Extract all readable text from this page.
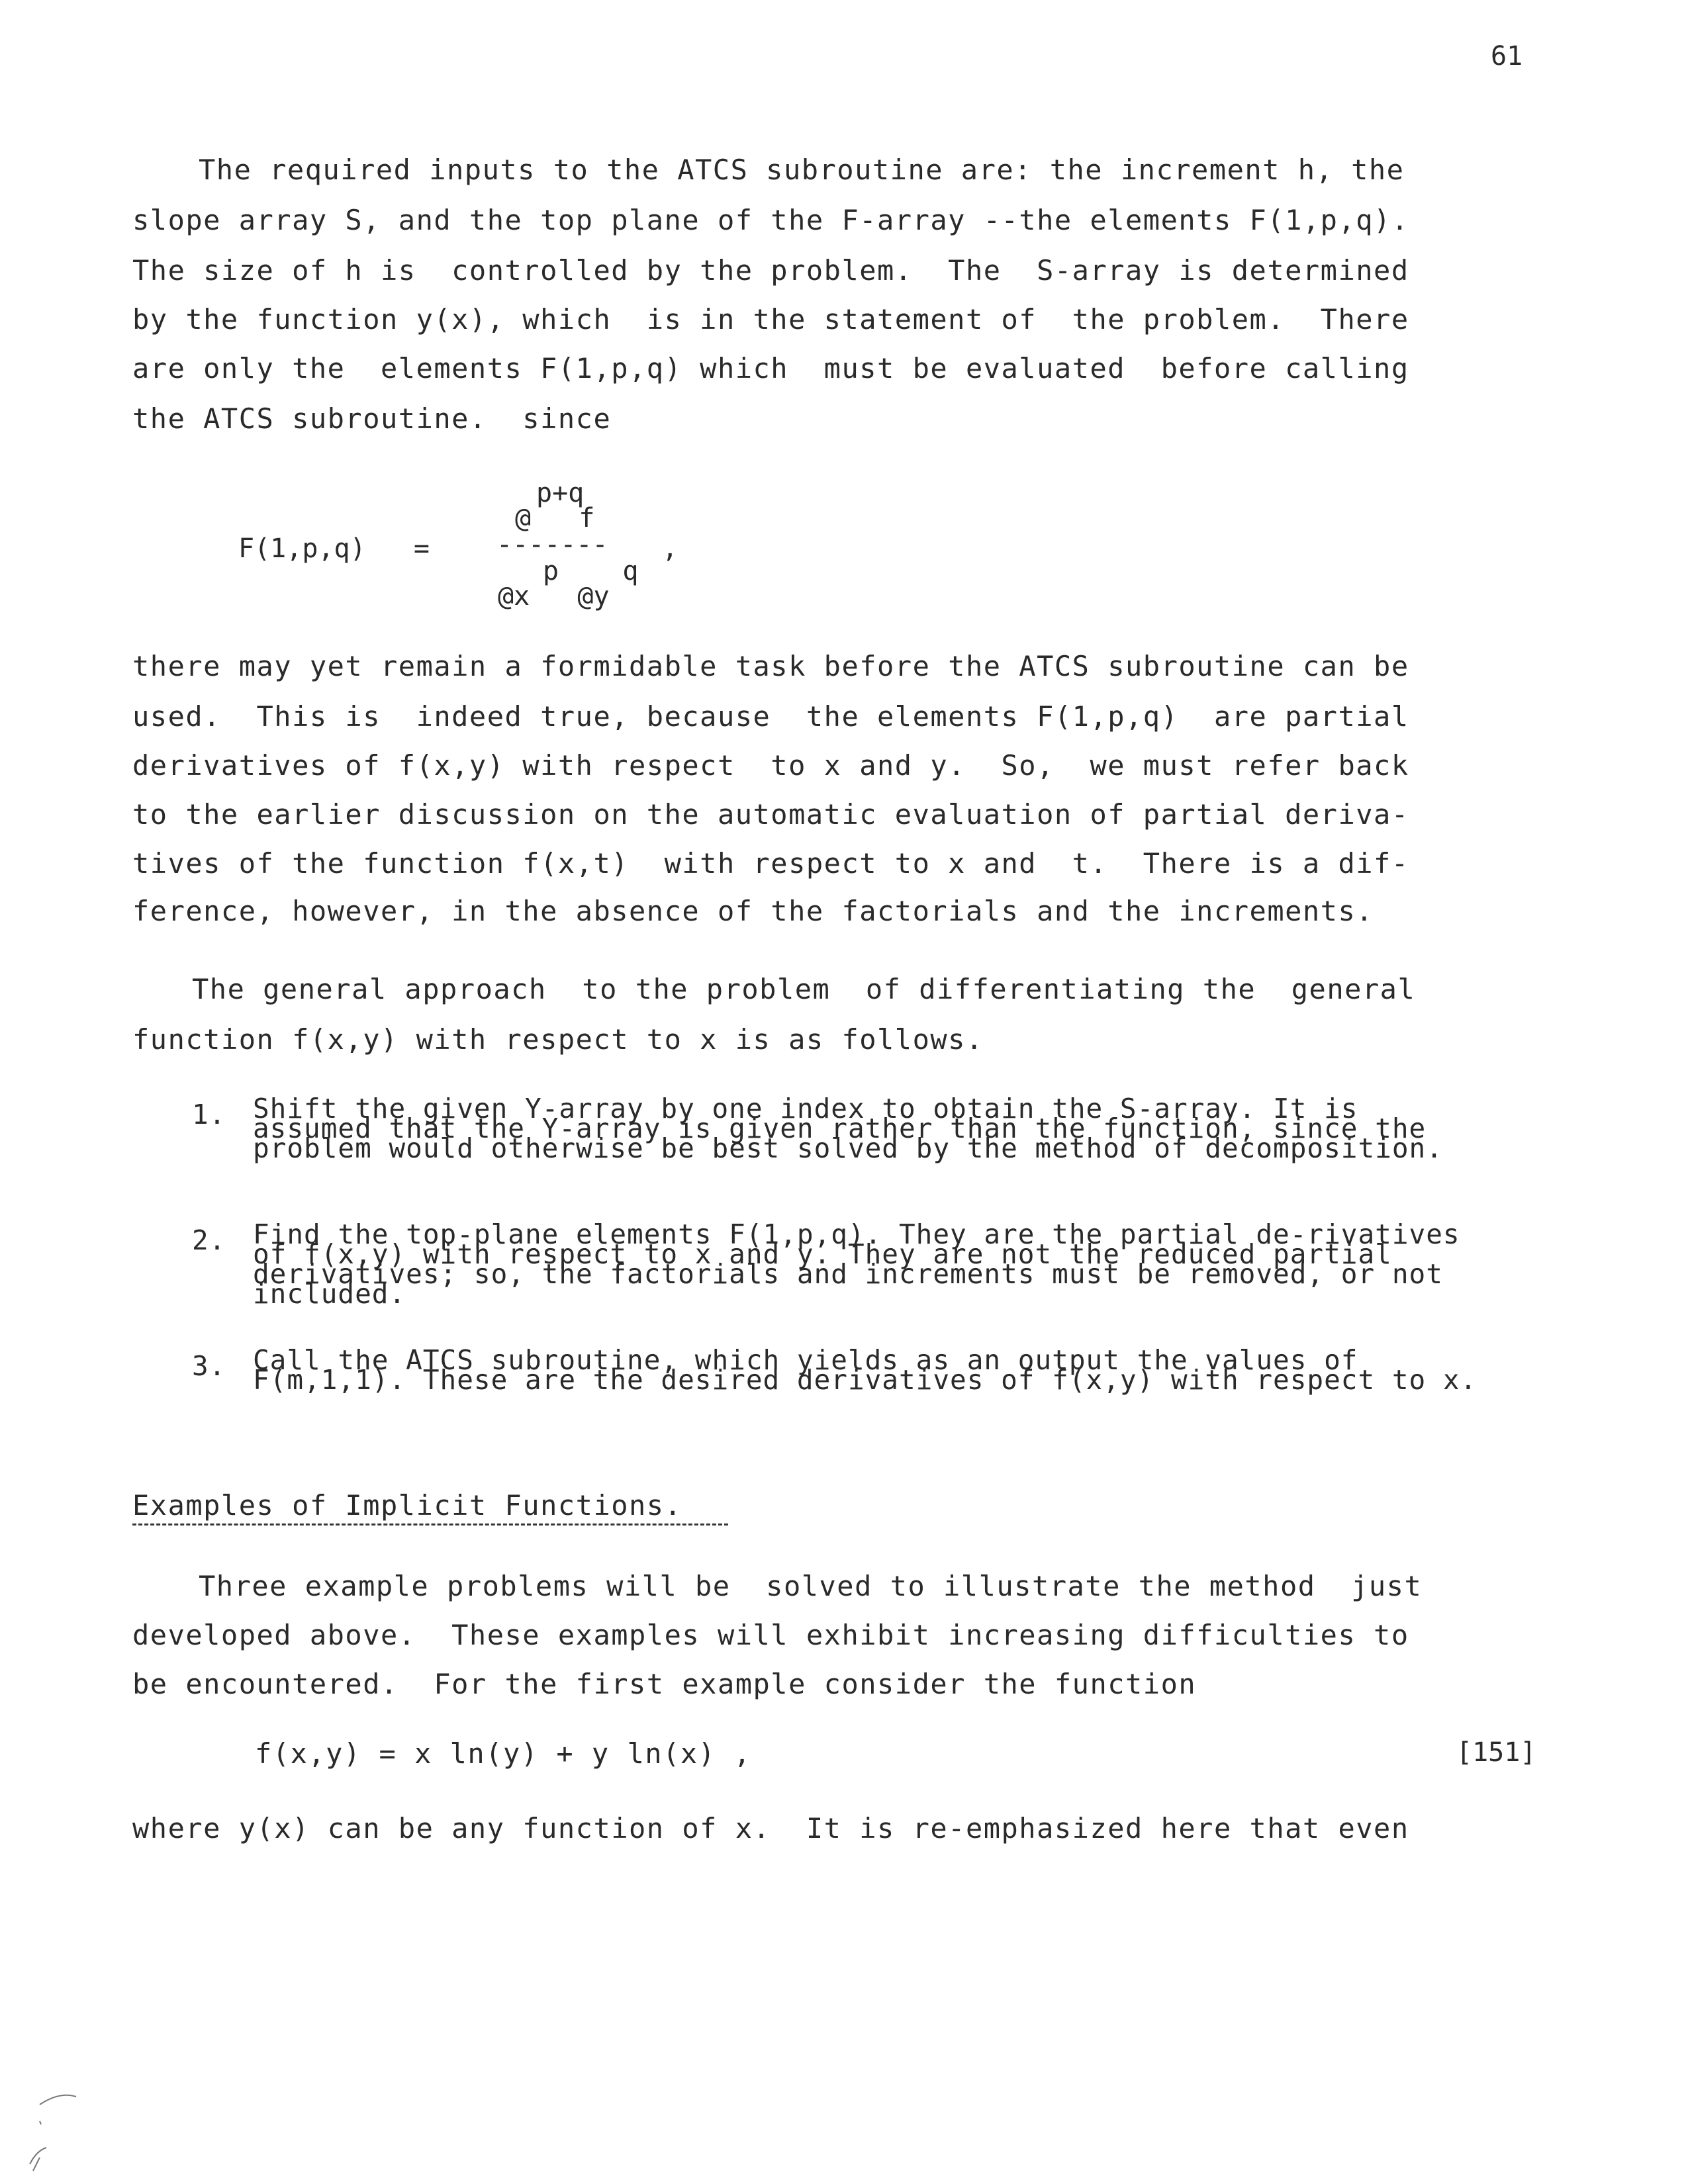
61
The required inputs to the ATCS subroutine are: the increment h, the
slope array S, and the top plane of the F-array --the elements F(1,p,q).
The size of h is  controlled by the problem.  The  S-array is determined
by the function y(x), which  is in the statement of  the problem.  There
are only the  elements F(1,p,q) which  must be evaluated  before calling
the ATCS subroutine.  since
F(1,p,q)   =
p+q
@   f
-------
p    q
@x   @y
,
there may yet remain a formidable task before the ATCS subroutine can be
used.  This is  indeed true, because  the elements F(1,p,q)  are partial
derivatives of f(x,y) with respect  to x and y.  So,  we must refer back
to the earlier discussion on the automatic evaluation of partial deriva-
tives of the function f(x,t)  with respect to x and  t.  There is a dif-
ference, however, in the absence of the factorials and the increments.
The general approach  to the problem  of differentiating the  general
function f(x,y) with respect to x is as follows.
1. Shift the given Y-array by one index to obtain the S-array. It is assumed that the Y-array is given rather than the function, since the problem would otherwise be best solved by the method of decomposition.
2. Find the top-plane elements F(1,p,q). They are the partial de-rivatives of f(x,y) with respect to x and y. They are not the reduced partial derivatives; so, the factorials and increments must be removed, or not included.
3. Call the ATCS subroutine, which yields as an output the values of F(m,1,1). These are the desired derivatives of f(x,y) with respect to x.
Examples of Implicit Functions.
Three example problems will be  solved to illustrate the method  just
developed above.  These examples will exhibit increasing difficulties to
be encountered.  For the first example consider the function
f(x,y) = x ln(y) + y ln(x) ,	[151]
where y(x) can be any function of x.  It is re-emphasized here that even
